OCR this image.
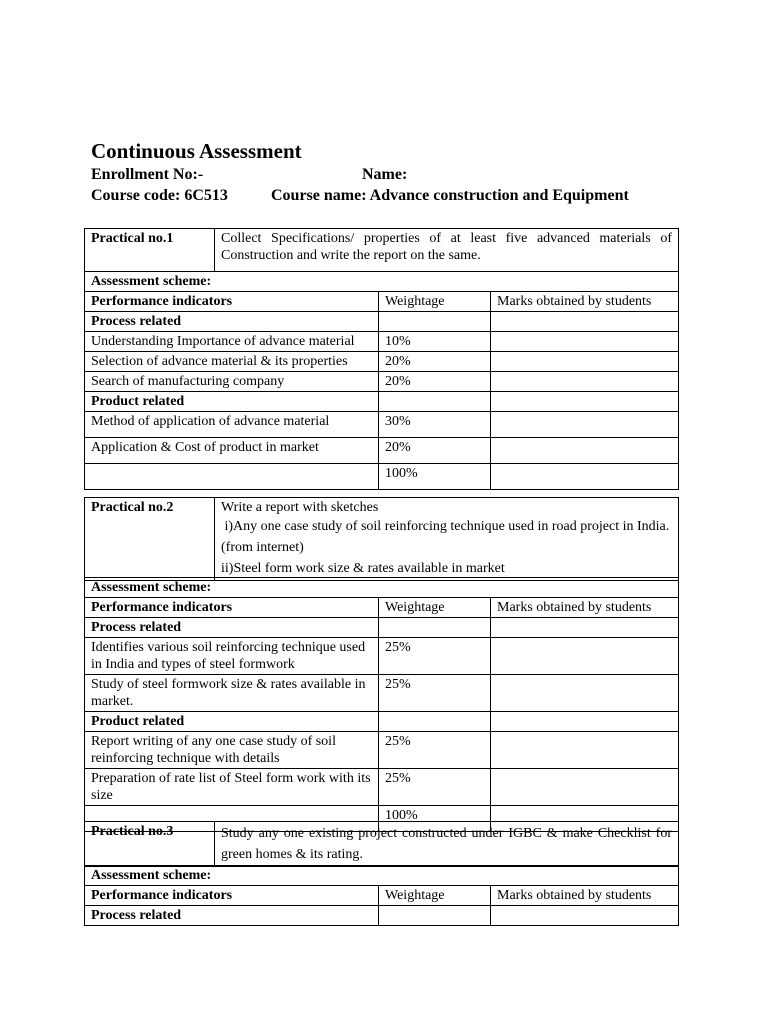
Continuous Assessment
Enrollment No:-	Name:
Course code: 6C513	Course name: Advance construction and Equipment
Practical no.1	Collect Specifications/ properties of at least five advanced materials of Construction and write the report on the same.
Assessment scheme:		
Performance indicators	Weightage	Marks obtained by students
Process related		
Understanding Importance of advance material	10%	
Selection of advance material & its properties	20%	
Search of manufacturing company	20%	
Product related		
Method of application of advance material	30%	
Application & Cost of product in market	20%	
	100%	
Practical no.2	Write a report with sketches
i)Any one case study of soil reinforcing technique used in road project in India.(from internet)
ii)Steel form work size & rates available in market
Assessment scheme:		
Performance indicators	Weightage	Marks obtained by students
Process related		
Identifies various soil reinforcing technique used in India and types of steel formwork	25%	
Study of steel formwork size & rates available in market.	25%	
Product related		
Report writing of any one case study of soil reinforcing technique with details	25%	
Preparation of rate list of Steel form work with its size	25%	
	100%	
Practical no.3	Study any one existing project constructed under IGBC & make Checklist for green homes & its rating.
Assessment scheme:		
Performance indicators	Weightage	Marks obtained by students
Process related		
